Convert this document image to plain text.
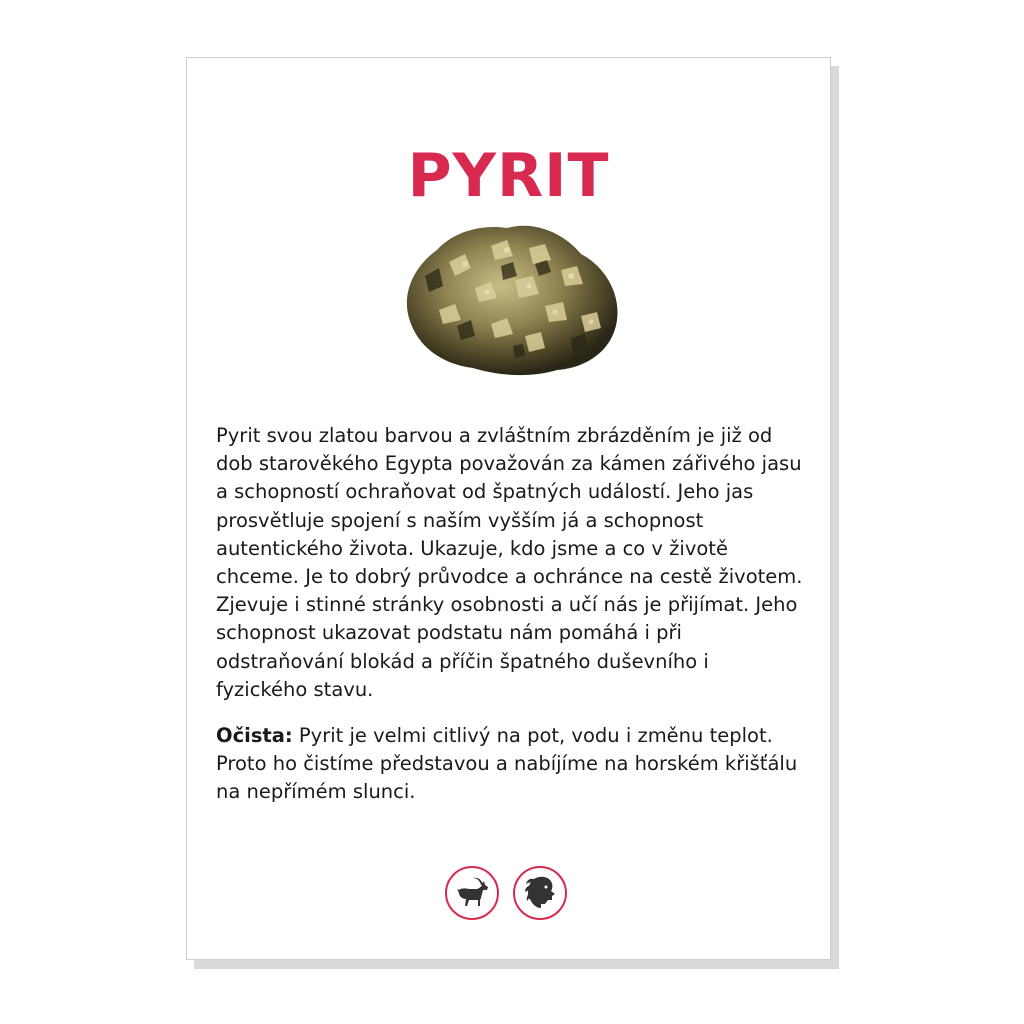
PYRIT

Pyrit svou zlatou barvou a zvláštním zbrázděním je již od dob starověkého Egypta považován za kámen zářivého jasu a schopností ochraňovat od špatných událostí. Jeho jas prosvětluje spojení s naším vyšším já a schopnost autentického života. Ukazuje, kdo jsme a co v životě chceme. Je to dobrý průvodce a ochránce na cestě životem. Zjevuje i stinné stránky osobnosti a učí nás je přijímat. Jeho schopnost ukazovat podstatu nám pomáhá i při odstraňování blokád a příčin špatného duševního i fyzického stavu.

Očista: Pyrit je velmi citlivý na pot, vodu i změnu teplot. Proto ho čistíme představou a nabíjíme na horském křišťálu na nepřímém slunci.
